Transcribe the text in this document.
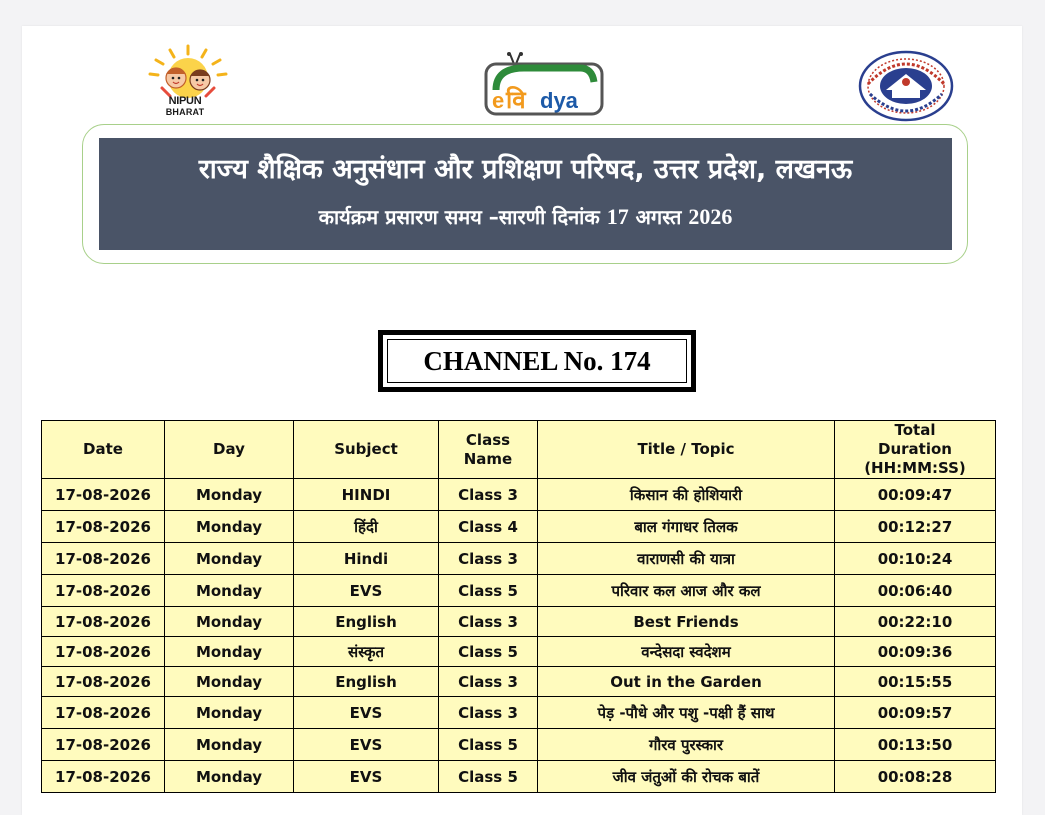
NIPUN
BHARAT	e वि dya
राज्य शैक्षिक अनुसंधान और प्रशिक्षण परिषद, उत्तर प्रदेश, लखनऊ
कार्यक्रम प्रसारण समय –सारणी दिनांक 17 अगस्त 2026
CHANNEL No. 174
Date	Day	Subject	Class Name	Title / Topic	Total Duration (HH:MM:SS)
17-08-2026	Monday	HINDI	Class 3	किसान की होशियारी	00:09:47
17-08-2026	Monday	हिंदी	Class 4	बाल गंगाधर तिलक	00:12:27
17-08-2026	Monday	Hindi	Class 3	वाराणसी की यात्रा	00:10:24
17-08-2026	Monday	EVS	Class 5	परिवार कल आज और कल	00:06:40
17-08-2026	Monday	English	Class 3	Best Friends	00:22:10
17-08-2026	Monday	संस्कृत	Class 5	वन्देसदा स्वदेशम	00:09:36
17-08-2026	Monday	English	Class 3	Out in the Garden	00:15:55
17-08-2026	Monday	EVS	Class 3	पेड़ -पौधे और पशु -पक्षी हैं साथ	00:09:57
17-08-2026	Monday	EVS	Class 5	गौरव पुरस्कार	00:13:50
17-08-2026	Monday	EVS	Class 5	जीव जंतुओं की रोचक बातें	00:08:28
